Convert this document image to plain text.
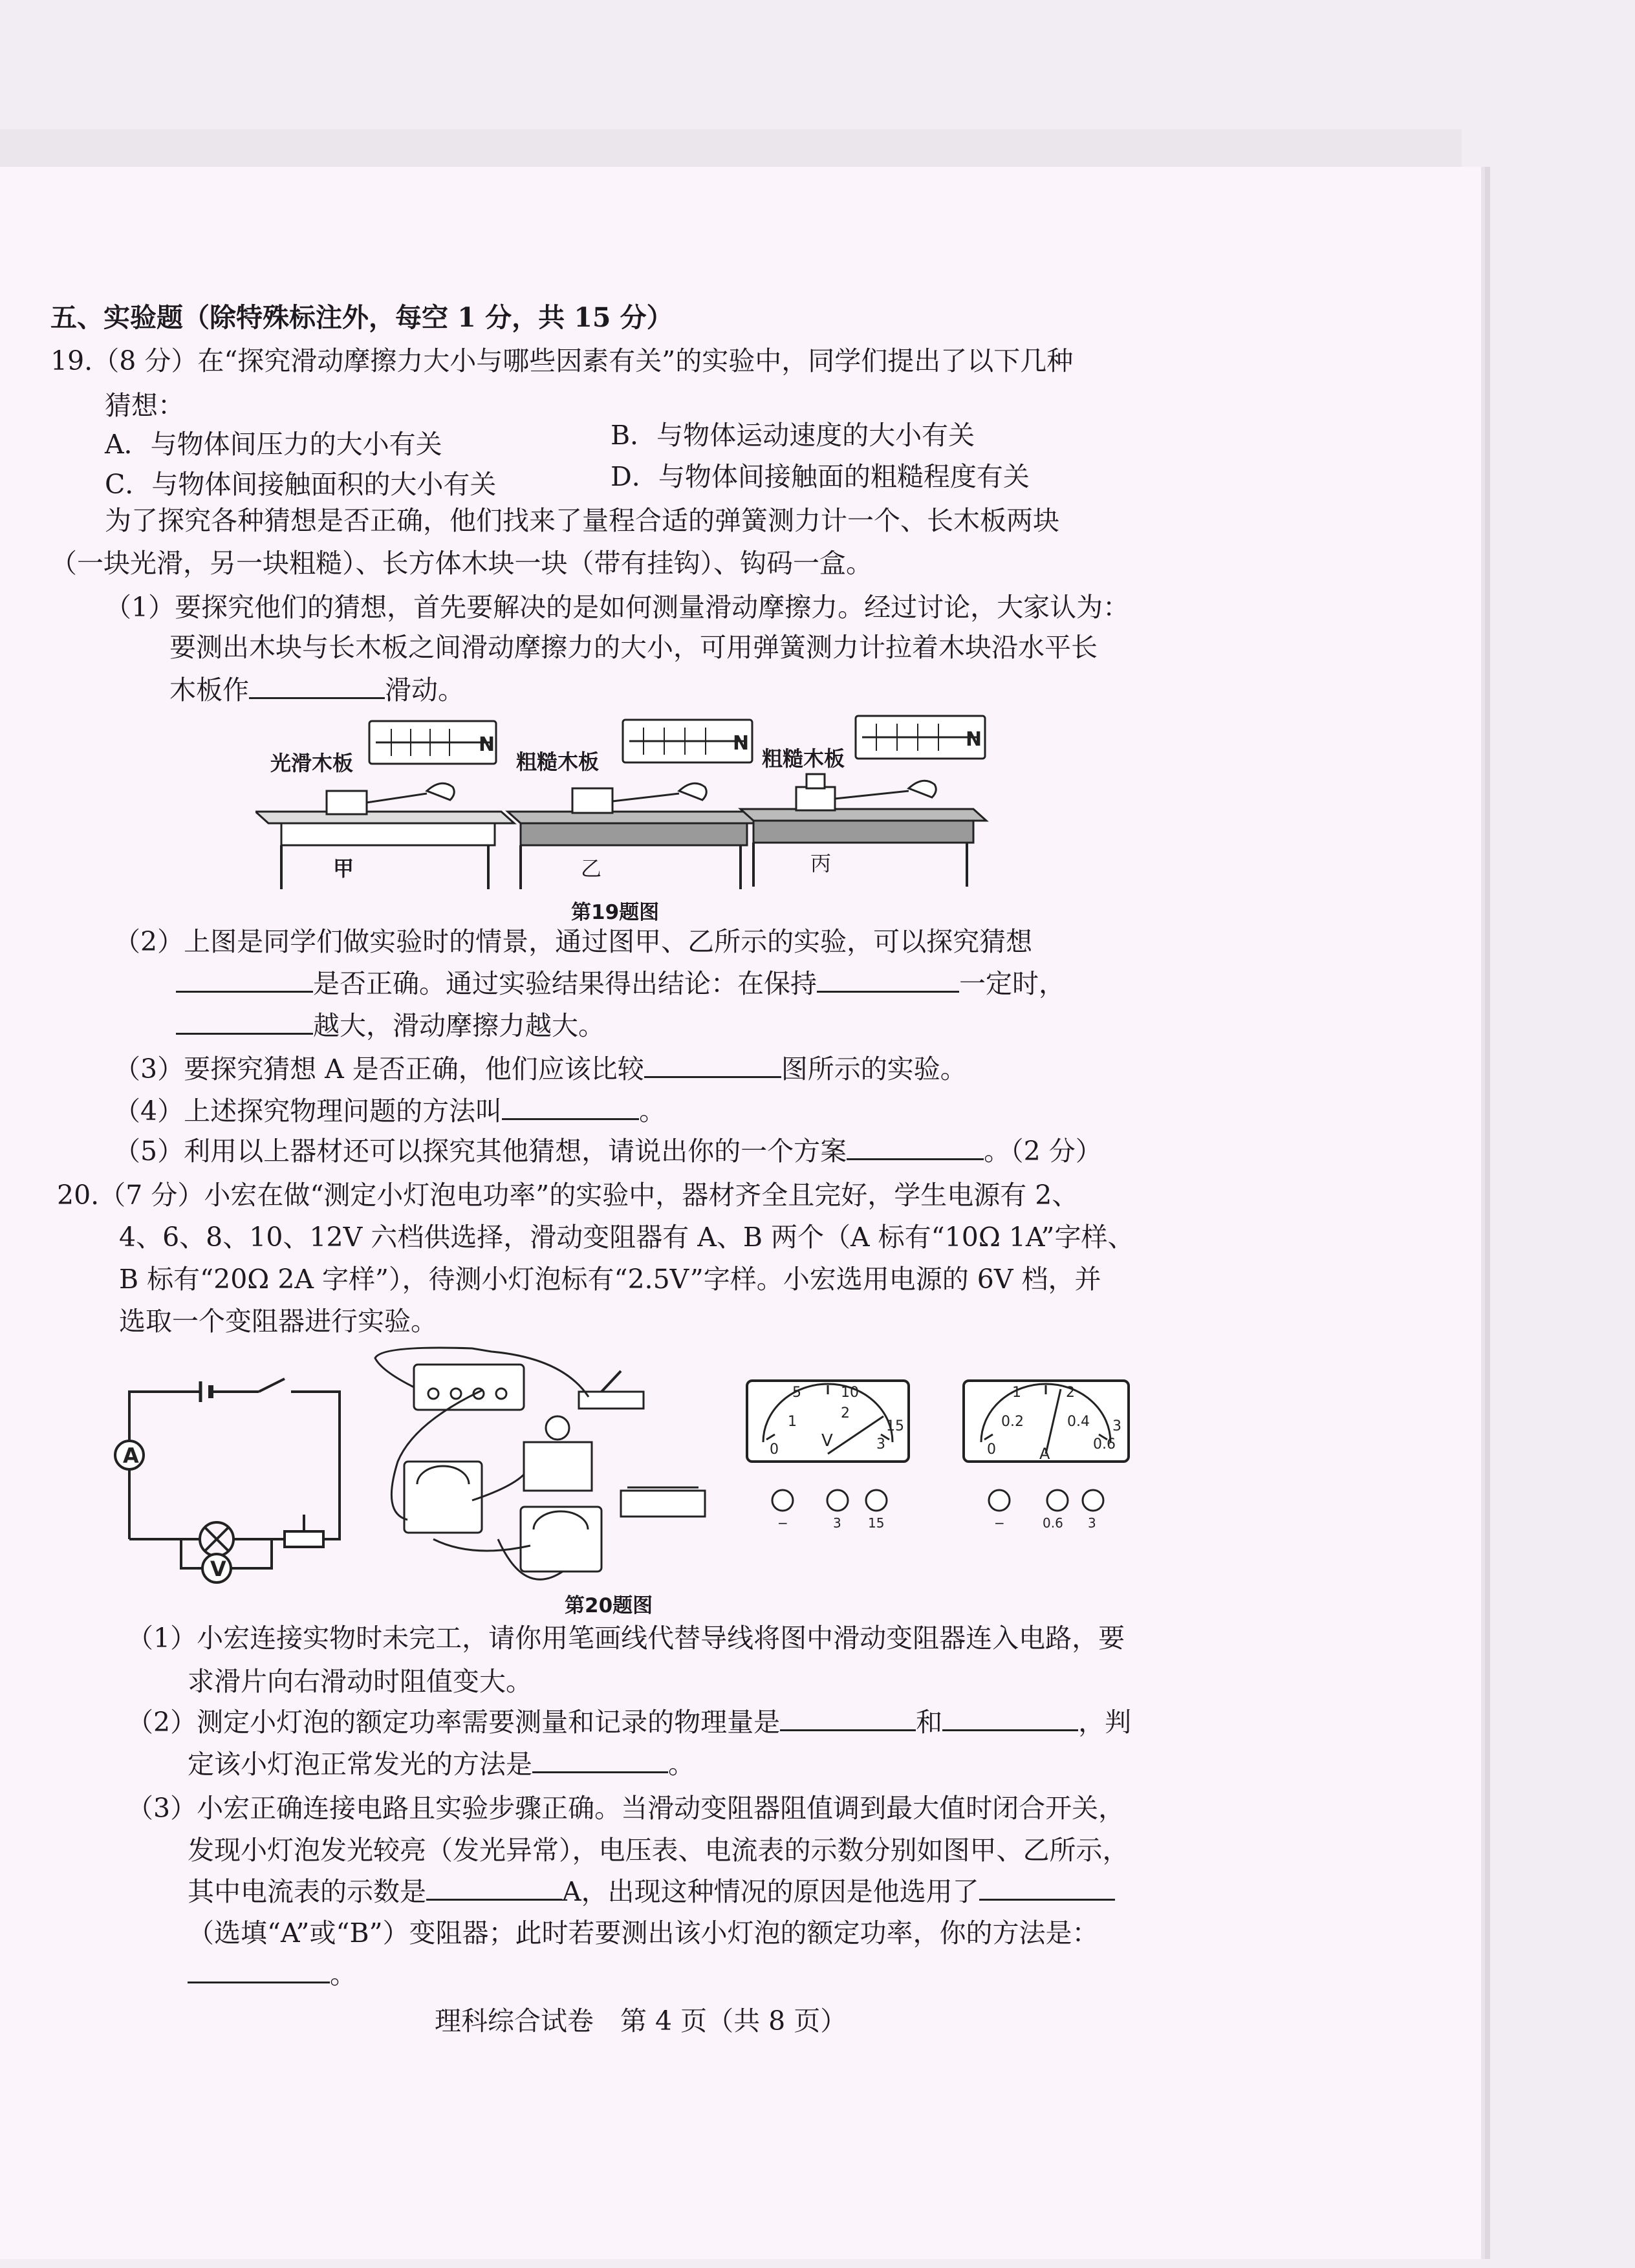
五、实验题（除特殊标注外，每空 1 分，共 15 分）
19.（8 分）在“探究滑动摩擦力大小与哪些因素有关”的实验中，同学们提出了以下几种
猜想：
A．与物体间压力的大小有关	B．与物体运动速度的大小有关
C．与物体间接触面积的大小有关	D．与物体间接触面的粗糙程度有关
为了探究各种猜想是否正确，他们找来了量程合适的弹簧测力计一个、长木板两块
（一块光滑，另一块粗糙）、长方体木块一块（带有挂钩）、钩码一盒。
（1）要探究他们的猜想，首先要解决的是如何测量滑动摩擦力。经过讨论，大家认为：
要测出木块与长木板之间滑动摩擦力的大小，可用弹簧测力计拉着木块沿水平长
木板作	滑动。
N	N	N
光滑木板	粗糙木板	粗糙木板
甲	乙	丙
第19题图
（2）上图是同学们做实验时的情景，通过图甲、乙所示的实验，可以探究猜想
是否正确。通过实验结果得出结论：在保持	一定时，
越大，滑动摩擦力越大。
（3）要探究猜想 A 是否正确，他们应该比较	图所示的实验。
（4）上述探究物理问题的方法叫	。
（5）利用以上器材还可以探究其他猜想，请说出你的一个方案	。（2 分）
20.（7 分）小宏在做“测定小灯泡电功率”的实验中，器材齐全且完好，学生电源有 2、
4、6、8、10、12V 六档供选择，滑动变阻器有 A、B 两个（A 标有“10Ω 1A”字样、
B 标有“20Ω 2A 字样”），待测小灯泡标有“2.5V”字样。小宏选用电源的 6V 档，并
选取一个变阻器进行实验。
A
V
0
1
2
3
5	10
15
V
−	3 15
0
0.2	0.4
0.6
1	2
3
A
−	0.6 3
第20题图
（1）小宏连接实物时未完工，请你用笔画线代替导线将图中滑动变阻器连入电路，要
求滑片向右滑动时阻值变大。
（2）测定小灯泡的额定功率需要测量和记录的物理量是	和	，判
定该小灯泡正常发光的方法是	。
（3）小宏正确连接电路且实验步骤正确。当滑动变阻器阻值调到最大值时闭合开关，
发现小灯泡发光较亮（发光异常），电压表、电流表的示数分别如图甲、乙所示，
其中电流表的示数是	A，出现这种情况的原因是他选用了
（选填“A”或“B”）变阻器；此时若要测出该小灯泡的额定功率，你的方法是：
。
理科综合试卷　第 4 页（共 8 页）
